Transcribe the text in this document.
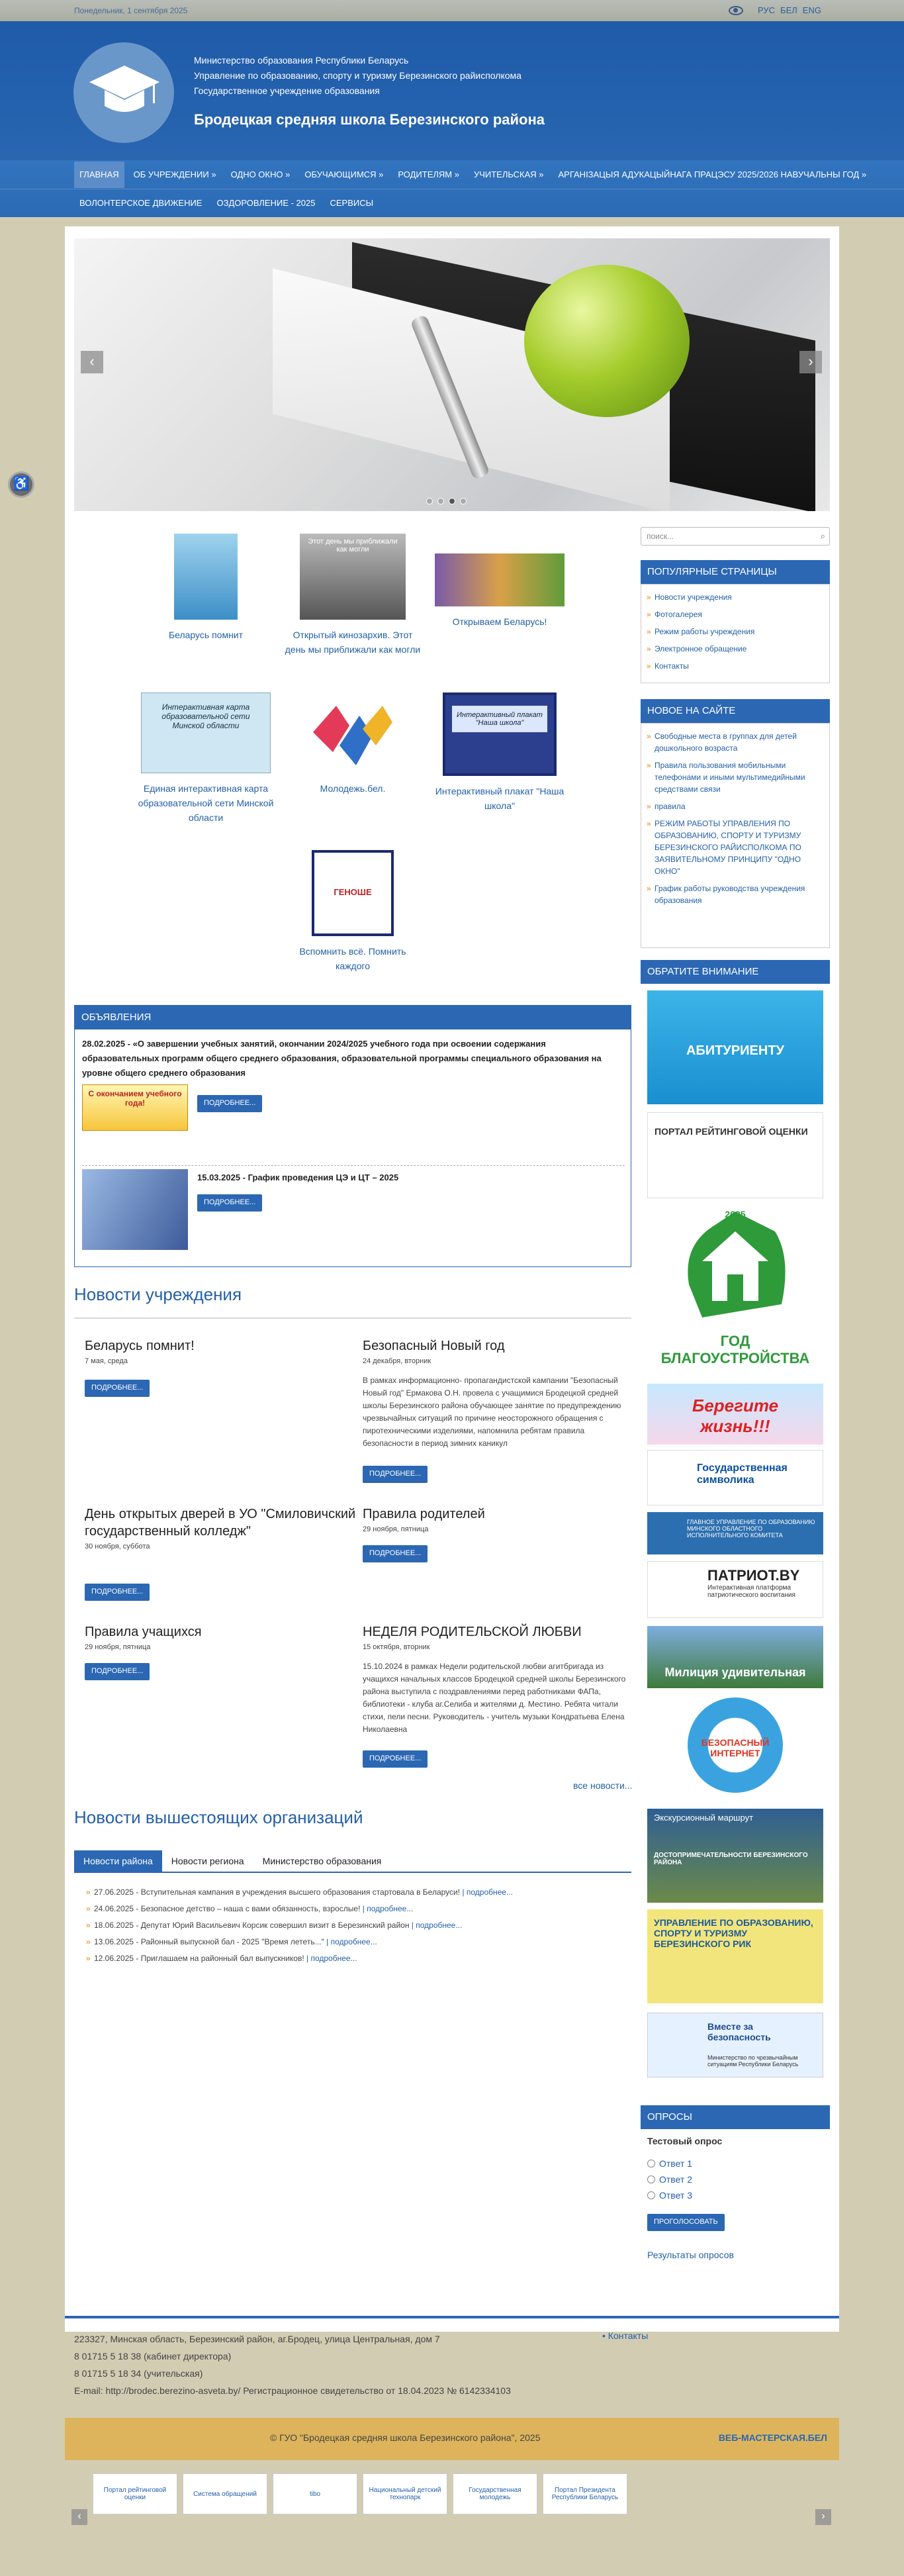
Понедельник, 1 сентября 2025	РУС БЕЛ ENG
Министерство образования Республики Беларусь
Управление по образованию, спорту и туризму Березинского райисполкома
Государственное учреждение образования
Бродецкая средняя школа Березинского района
ГЛАВНАЯ	ОБ УЧРЕЖДЕНИИ »	ОДНО ОКНО »	ОБУЧАЮЩИМСЯ »	РОДИТЕЛЯМ »	УЧИТЕЛЬСКАЯ »	АРГАНІЗАЦЫЯ АДУКАЦЫЙНАГА ПРАЦЭСУ 2025/2026 НАВУЧАЛЬНЫ ГОД »
ВОЛОНТЕРСКОЕ ДВИЖЕНИЕ	ОЗДОРОВЛЕНИЕ - 2025	СЕРВИСЫ
‹	›
♿
Беларусь помнит
Этот день мы приближали как могли
Открытый кинозархив. Этот день мы приближали как могли
Открываем Беларусь!
Интерактивная карта образовательной сети Минской области
Единая интерактивная карта образовательной сети Минской области
Молодежь.бел.
Интерактивный плакат "Наша школа"
Интерактивный плакат "Наша школа"
ГЕНОШЕ
Вспомнить всё. Помнить каждого
ОБЪЯВЛЕНИЯ
28.02.2025 - «О завершении учебных занятий, окончании 2024/2025 учебного года при освоении содержания образовательных программ общего среднего образования, образовательной программы специального образования на уровне общего среднего образования
С окончанием учебного года!	ПОДРОБНЕЕ...
15.03.2025 - График проведения ЦЭ и ЦТ – 2025
ПОДРОБНЕЕ...
Новости учреждения
Беларусь помнит!
7 мая, среда
ПОДРОБНЕЕ...
Безопасный Новый год
24 декабря, вторник
В рамках информационно- пропагандистской кампании "Безопасный Новый год" Ермакова О.Н. провела с учащимися Бродецкой средней школы Березинского района обучающее занятие по предупреждению чрезвычайных ситуаций по причине неосторожного обращения с пиротехническими изделиями, напомнила ребятам правила безопасности в период зимних каникул
ПОДРОБНЕЕ...
День открытых дверей в УО "Смиловичский государственный колледж"
30 ноября, суббота
ПОДРОБНЕЕ...
Правила родителей
29 ноября, пятница
ПОДРОБНЕЕ...
Правила учащихся
29 ноября, пятница
ПОДРОБНЕЕ...
НЕДЕЛЯ РОДИТЕЛЬСКОЙ ЛЮБВИ
15 октября, вторник
15.10.2024 в рамках Недели родительской любви агитбригада из учащихся начальных классов Бродецкой средней школы Березинского района выступила с поздравлениями перед работниками ФАПа, библиотеки - клуба аг.Селиба и жителями д. Местино. Ребята читали стихи, пели песни. Руководитель - учитель музыки Кондратьева Елена Николаевна
ПОДРОБНЕЕ...
все новости...
Новости вышестоящих организаций
Новости района	Новости региона	Министерство образования
» 27.06.2025 - Вступительная кампания в учреждения высшего образования стартовала в Беларуси! | подробнее...
» 24.06.2025 - Безопасное детство – наша с вами обязанность, взрослые! | подробнее...
» 18.06.2025 - Депутат Юрий Васильевич Корсик совершил визит в Березинский район | подробнее...
» 13.06.2025 - Районный выпускной бал - 2025 "Время лететь..." | подробнее...
» 12.06.2025 - Приглашаем на районный бал выпускников! | подробнее...
поиск...	⌕
ПОПУЛЯРНЫЕ СТРАНИЦЫ
» Новости учреждения
» Фотогалерея
» Режим работы учреждения
» Электронное обращение
» Контакты
НОВОЕ НА САЙТЕ
» Свободные места в группах для детей дошкольного возраста
» Правила пользования мобильными телефонами и иными мультимедийными средствами связи
» правила
» РЕЖИМ РАБОТЫ УПРАВЛЕНИЯ ПО ОБРАЗОВАНИЮ, СПОРТУ И ТУРИЗМУ БЕРЕЗИНСКОГО РАЙИСПОЛКОМА ПО ЗАЯВИТЕЛЬНОМУ ПРИНЦИПУ "ОДНО ОКНО"
» График работы руководства учреждения образования
ОБРАТИТЕ ВНИМАНИЕ
АБИТУРИЕНТУ
ПОРТАЛ РЕЙТИНГОВОЙ ОЦЕНКИ
2025
ГОД БЛАГОУСТРОЙСТВА
Берегите жизнь!!!
Государственная символика
ГЛАВНОЕ УПРАВЛЕНИЕ ПО ОБРАЗОВАНИЮ МИНСКОГО ОБЛАСТНОГО ИСПОЛНИТЕЛЬНОГО КОМИТЕТА
ПАТРИОТ.BY
Интерактивная платформа патриотического воспитания
Милиция удивительная
БЕЗОПАСНЫЙ ИНТЕРНЕТ
Экскурсионный маршрут
ДОСТОПРИМЕЧАТЕЛЬНОСТИ БЕРЕЗИНСКОГО РАЙОНА
УПРАВЛЕНИЕ ПО ОБРАЗОВАНИЮ, СПОРТУ И ТУРИЗМУ БЕРЕЗИНСКОГО РИК
Вместе за безопасность
Министерство по чрезвычайным ситуациям Республики Беларусь
ОПРОСЫ
Тестовый опрос
Ответ 1
Ответ 2
Ответ 3
ПРОГОЛОСОВАТЬ
Результаты опросов
223327, Минская область, Березинский район, аг.Бродец, улица Центральная, дом 7
8 01715 5 18 38 (кабинет директора)
8 01715 5 18 34 (учительская)
E-mail: http://brodec.berezino-asveta.by/ Регистрационное свидетельство от 18.04.2023 № 6142334103
• Контакты
© ГУО "Бродецкая средняя школа Березинского района", 2025	ВЕБ-МАСТЕРСКАЯ.БЕЛ
Портал рейтинговой оценки	Система обращений	tibo	Национальный детский технопарк
Государственная молодежь
Портал Президента Республики Беларусь
‹	›
